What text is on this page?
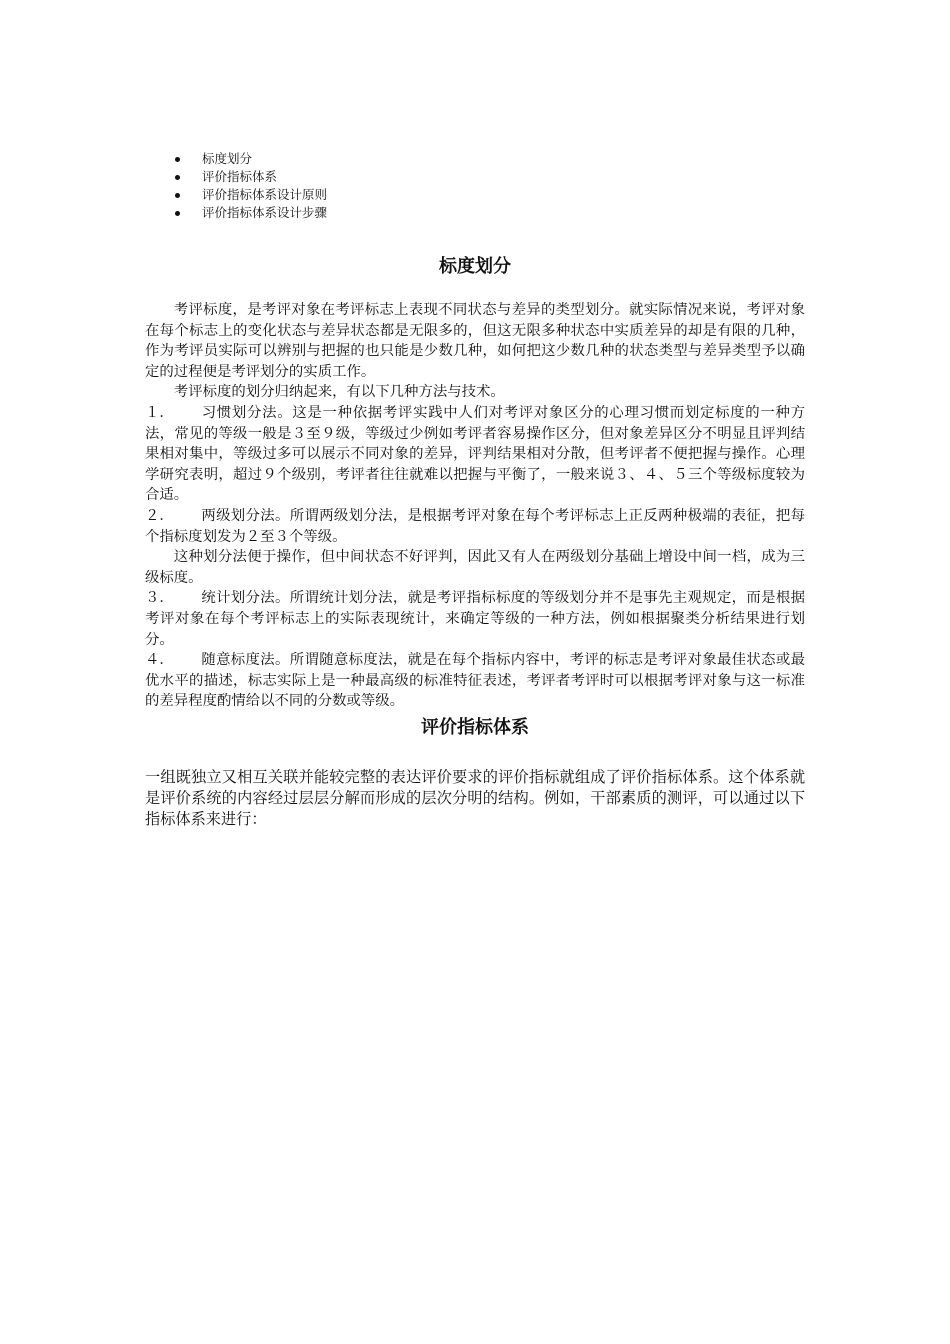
标度划分
评价指标体系
评价指标体系设计原则
评价指标体系设计步骤
标度划分

考评标度，是考评对象在考评标志上表现不同状态与差异的类型划分。就实际情况来说，考评对象在每个标志上的变化状态与差异状态都是无限多的，但这无限多种状态中实质差异的却是有限的几种，作为考评员实际可以辨别与把握的也只能是少数几种，如何把这少数几种的状态类型与差异类型予以确定的过程便是考评划分的实质工作。

考评标度的划分归纳起来，有以下几种方法与技术。

１． 习惯划分法。这是一种依据考评实践中人们对考评对象区分的心理习惯而划定标度的一种方法，常见的等级一般是３至９级，等级过少例如考评者容易操作区分，但对象差异区分不明显且评判结果相对集中，等级过多可以展示不同对象的差异，评判结果相对分散，但考评者不便把握与操作。心理学研究表明，超过９个级别，考评者往往就难以把握与平衡了，一般来说３、４、５三个等级标度较为合适。

２． 两级划分法。所谓两级划分法，是根据考评对象在每个考评标志上正反两种极端的表征，把每个指标度划发为２至３个等级。

这种划分法便于操作，但中间状态不好评判，因此又有人在两级划分基础上增设中间一档，成为三级标度。

３． 统计划分法。所谓统计划分法，就是考评指标标度的等级划分并不是事先主观规定，而是根据考评对象在每个考评标志上的实际表现统计，来确定等级的一种方法，例如根据聚类分析结果进行划分。

４． 随意标度法。所谓随意标度法，就是在每个指标内容中，考评的标志是考评对象最佳状态或最优水平的描述，标志实际上是一种最高级的标准特征表述，考评者考评时可以根据考评对象与这一标准的差异程度酌情给以不同的分数或等级。

评价指标体系

一组既独立又相互关联并能较完整的表达评价要求的评价指标就组成了评价指标体系。这个体系就是评价系统的内容经过层层分解而形成的层次分明的结构。例如，干部素质的测评，可以通过以下指标体系来进行：
